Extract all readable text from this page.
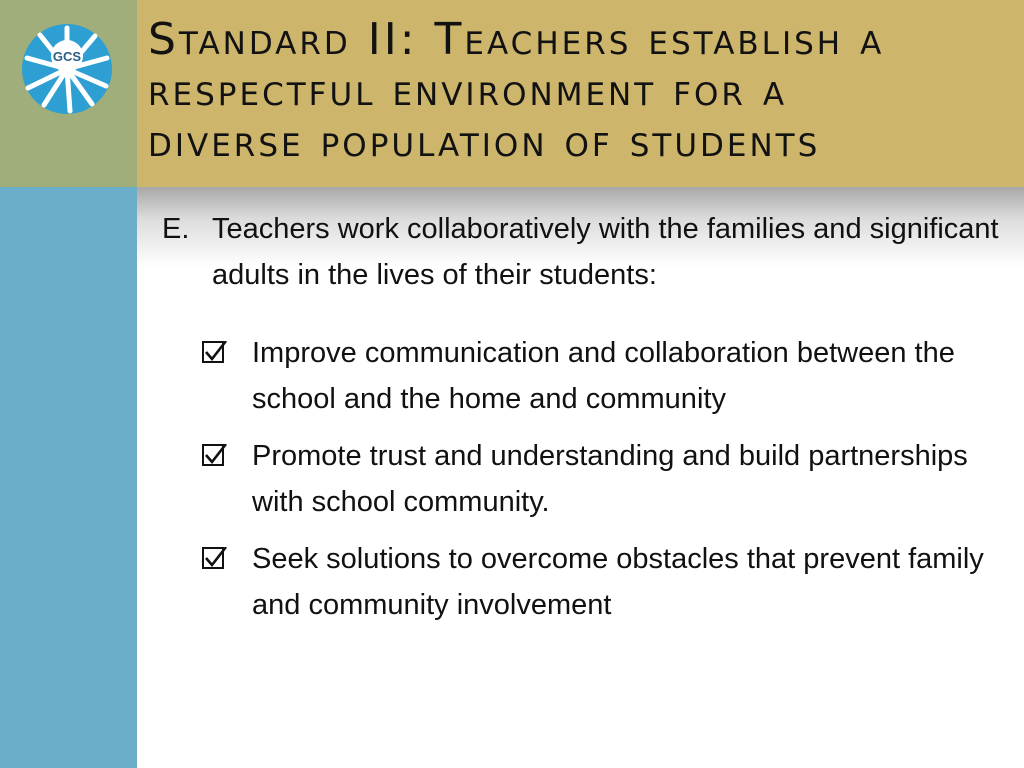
GCS Standard II: Teachers establish a
respectful environment for a
diverse population of students
E. Teachers work collaboratively with the families and significant adults in the lives of their students:
Improve communication and collaboration between the school and the home and community
Promote trust and understanding and build partnerships with school community.
Seek solutions to overcome obstacles that prevent family and community involvement
